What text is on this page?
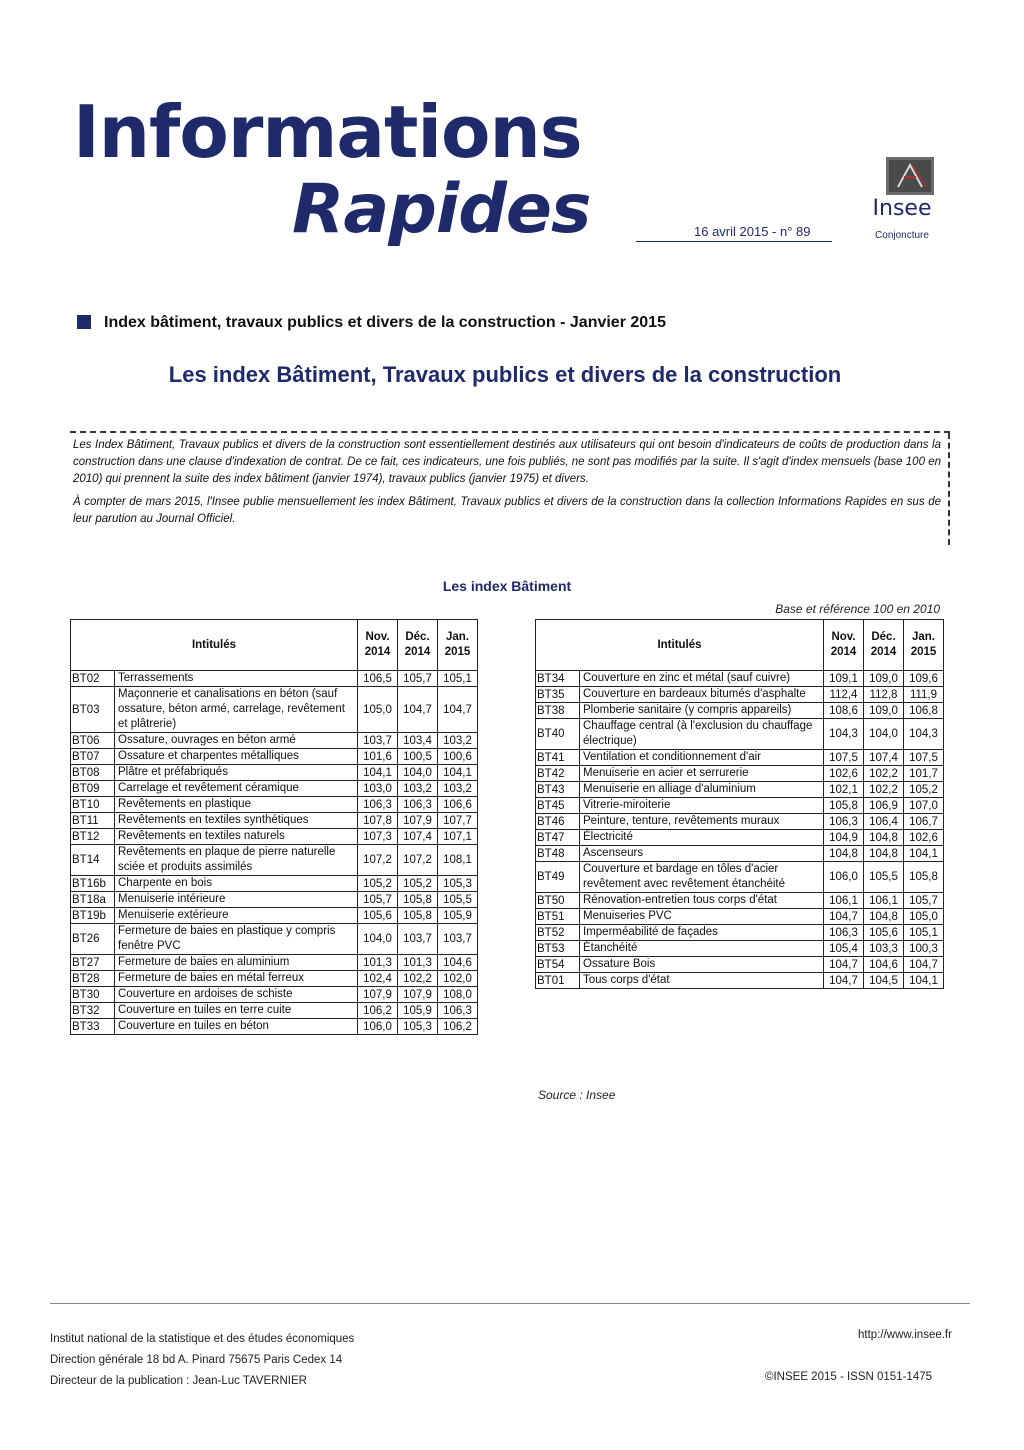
Informations
Rapides	16 avril 2015 - n° 89
Insee
Conjoncture
Index bâtiment, travaux publics et divers de la construction - Janvier 2015
Les index Bâtiment, Travaux publics et divers de la construction

Les Index Bâtiment, Travaux publics et divers de la construction sont essentiellement destinés aux utilisateurs qui ont besoin d'indicateurs de coûts de production dans la construction dans une clause d'indexation de contrat. De ce fait, ces indicateurs, une fois publiés, ne sont pas modifiés par la suite. Il s'agit d'index mensuels (base 100 en 2010) qui prennent la suite des index bâtiment (janvier 1974), travaux publics (janvier 1975) et divers.

À compter de mars 2015, l'Insee publie mensuellement les index Bâtiment, Travaux publics et divers de la construction dans la collection Informations Rapides en sus de leur parution au Journal Officiel.

Les index Bâtiment
Base et référence 100 en 2010
Intitulés		Nov. 2014	Déc. 2014	Jan. 2015
BT02	Terrassements	106,5	105,7	105,1
BT03	Maçonnerie et canalisations en béton (sauf ossature, béton armé, carrelage, revêtement et plâtrerie)	105,0	104,7	104,7
BT06	Ossature, ouvrages en béton armé	103,7	103,4	103,2
BT07	Ossature et charpentes métalliques	101,6	100,5	100,6
BT08	Plâtre et préfabriqués	104,1	104,0	104,1
BT09	Carrelage et revêtement céramique	103,0	103,2	103,2
BT10	Revêtements en plastique	106,3	106,3	106,6
BT11	Revêtements en textiles synthétiques	107,8	107,9	107,7
BT12	Revêtements en textiles naturels	107,3	107,4	107,1
BT14	Revêtements en plaque de pierre naturelle sciée et produits assimilés	107,2	107,2	108,1
BT16b	Charpente en bois	105,2	105,2	105,3
BT18a	Menuiserie intérieure	105,7	105,8	105,5
BT19b	Menuiserie extérieure	105,6	105,8	105,9
BT26	Fermeture de baies en plastique y compris fenêtre PVC	104,0	103,7	103,7
BT27	Fermeture de baies en aluminium	101,3	101,3	104,6
BT28	Fermeture de baies en métal ferreux	102,4	102,2	102,0
BT30	Couverture en ardoises de schiste	107,9	107,9	108,0
BT32	Couverture en tuiles en terre cuite	106,2	105,9	106,3
BT33	Couverture en tuiles en béton	106,0	105,3	106,2
Intitulés		Nov. 2014	Déc. 2014	Jan. 2015
BT34	Couverture en zinc et métal (sauf cuivre)	109,1	109,0	109,6
BT35	Couverture en bardeaux bitumés d'asphalte	112,4	112,8	111,9
BT38	Plomberie sanitaire (y compris appareils)	108,6	109,0	106,8
BT40	Chauffage central (à l'exclusion du chauffage électrique)	104,3	104,0	104,3
BT41	Ventilation et conditionnement d'air	107,5	107,4	107,5
BT42	Menuiserie en acier et serrurerie	102,6	102,2	101,7
BT43	Menuiserie en alliage d'aluminium	102,1	102,2	105,2
BT45	Vitrerie-miroiterie	105,8	106,9	107,0
BT46	Peinture, tenture, revêtements muraux	106,3	106,4	106,7
BT47	Électricité	104,9	104,8	102,6
BT48	Ascenseurs	104,8	104,8	104,1
BT49	Couverture et bardage en tôles d'acier revêtement avec revêtement étanchéité	106,0	105,5	105,8
BT50	Rénovation-entretien tous corps d'état	106,1	106,1	105,7
BT51	Menuiseries PVC	104,7	104,8	105,0
BT52	Imperméabilité de façades	106,3	105,6	105,1
BT53	Étanchéité	105,4	103,3	100,3
BT54	Ossature Bois	104,7	104,6	104,7
BT01	Tous corps d'état	104,7	104,5	104,1
Source : Insee
Institut national de la statistique et des études économiques
Direction générale 18 bd A. Pinard 75675 Paris Cedex 14
Directeur de la publication : Jean-Luc TAVERNIER
http://www.insee.fr
©INSEE 2015 - ISSN 0151-1475
